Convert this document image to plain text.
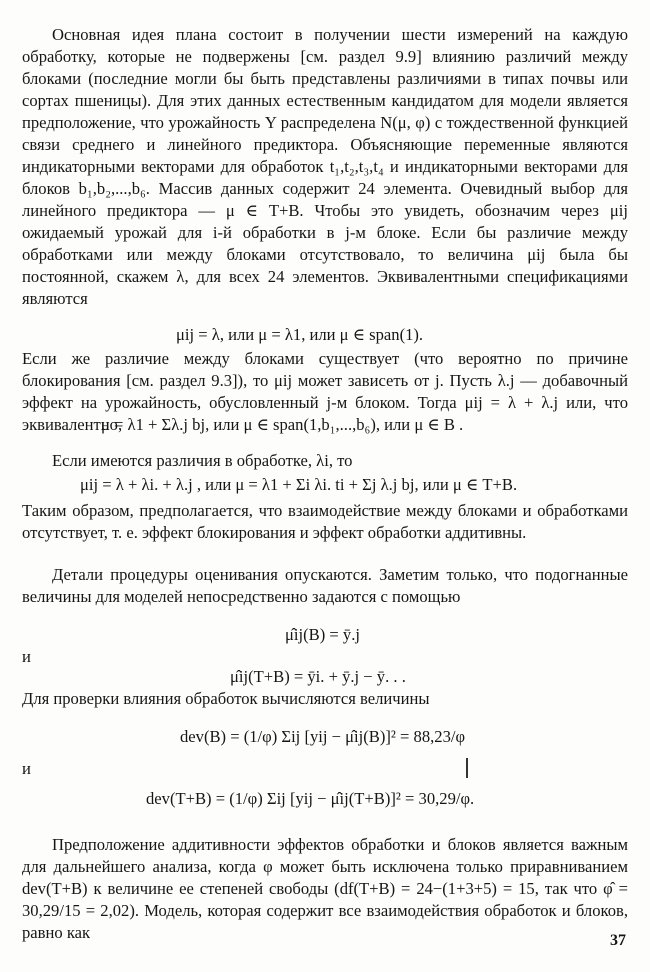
Основная идея плана состоит в получении шести измерений на каждую обработку, которые не подвержены [см. раздел 9.9] влиянию различий между блоками (последние могли бы быть представлены различиями в типах почвы или сортах пшеницы). Для этих данных естественным кандидатом для модели является предположение, что урожайность Y распределена N(μ, φ) с тождественной функцией связи среднего и линейного предиктора. Объясняющие переменные являются индикаторными векторами для обработок t₁,t₂,t₃,t₄ и индикаторными векторами для блоков b₁,b₂,...,b₆. Массив данных содержит 24 элемента. Очевидный выбор для линейного предиктора — μ ∈ T+B. Чтобы это увидеть, обозначим через μij ожидаемый урожай для i-й обработки в j-м блоке. Если бы различие между обработками или между блоками отсутствовало, то величина μij была бы постоянной, скажем λ, для всех 24 элементов. Эквивалентными спецификациями являются

μij = λ, или μ = λ1, или μ ∈ span(1).

Если же различие между блоками существует (что вероятно по причине блокирования [см. раздел 9.3]), то μij может зависеть от j. Пусть λ.j — добавочный эффект на урожайность, обусловленный j-м блоком. Тогда μij = λ + λ.j или, что эквивалентно,

μ = λ1 + Σλ.j bj, или μ ∈ span(1,b₁,...,b₆), или μ ∈ B .

Если имеются различия в обработке, λi, то

μij = λ + λi. + λ.j , или μ = λ1 + Σi λi. ti + Σj λ.j bj, или μ ∈ T+B.

Таким образом, предполагается, что взаимодействие между блоками и обработками отсутствует, т. е. эффект блокирования и эффект обработки аддитивны.

Детали процедуры оценивания опускаются. Заметим только, что подогнанные величины для моделей непосредственно задаются с помощью

μ̂ij(B) = ȳ.j
и
μ̂ij(T+B) = ȳi. + ȳ.j − ȳ. . .

Для проверки влияния обработок вычисляются величины

dev(B) = (1/φ) Σij [yij − μ̂ij(B)]² = 88,23/φ
и
dev(T+B) = (1/φ) Σij [yij − μ̂ij(T+B)]² = 30,29/φ.

Предположение аддитивности эффектов обработки и блоков является важным для дальнейшего анализа, когда φ может быть исключена только приравниванием dev(T+B) к величине ее степеней свободы (df(T+B) = 24−(1+3+5) = 15, так что φ̂ = 30,29/15 = 2,02). Модель, которая содержит все взаимодействия обработок и блоков, равно как	37
